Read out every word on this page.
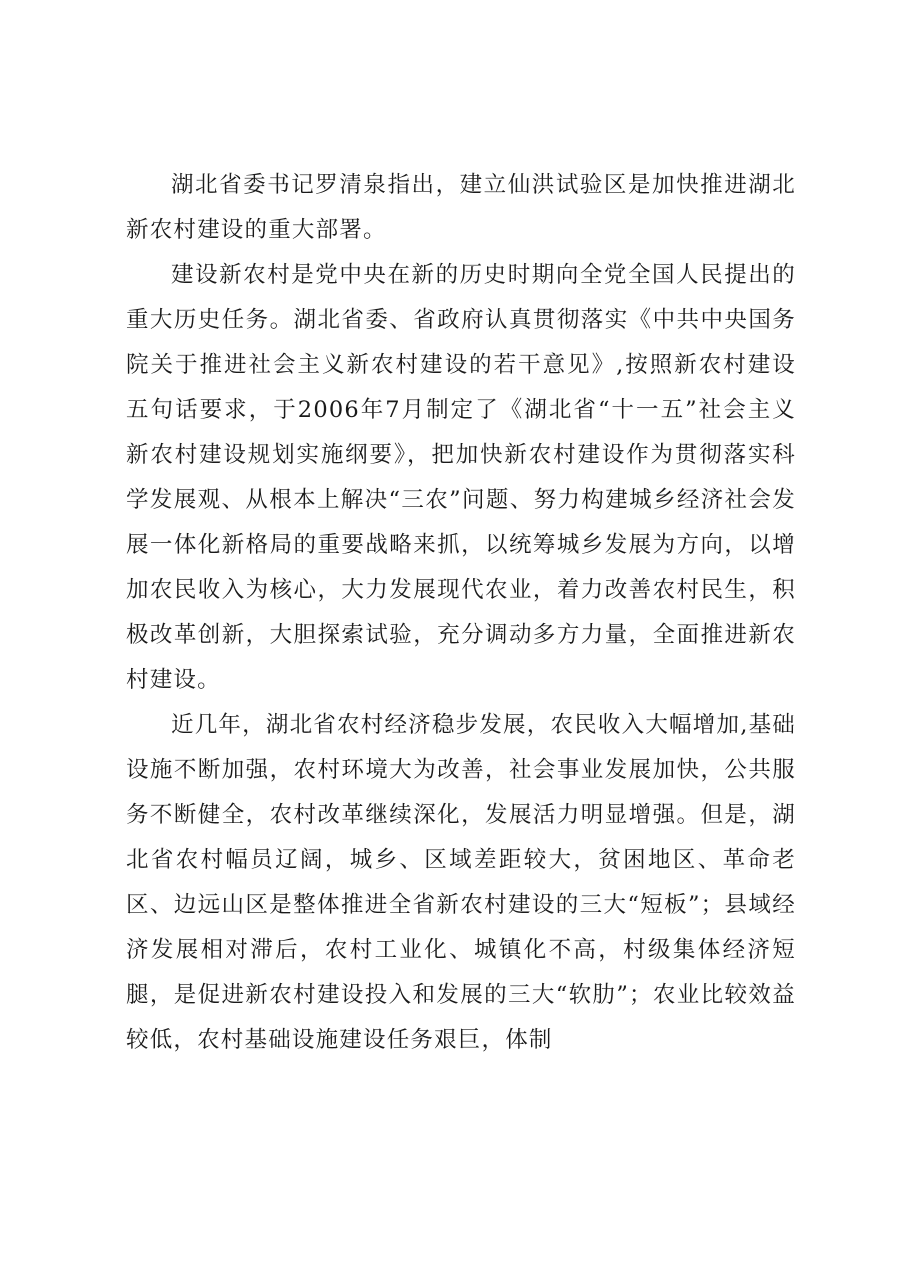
湖北省委书记罗清泉指出，建立仙洪试验区是加快推进湖北新农村建设的重大部署。

建设新农村是党中央在新的历史时期向全党全国人民提出的重大历史任务。湖北省委、省政府认真贯彻落实《中共中央国务院关于推进社会主义新农村建设的若干意见》,按照新农村建设五句话要求，于2006年7月制定了《湖北省“十一五”社会主义新农村建设规划实施纲要》，把加快新农村建设作为贯彻落实科学发展观、从根本上解决“三农”问题、努力构建城乡经济社会发展一体化新格局的重要战略来抓，以统筹城乡发展为方向，以增加农民收入为核心，大力发展现代农业，着力改善农村民生，积极改革创新，大胆探索试验，充分调动多方力量，全面推进新农村建设。

近几年，湖北省农村经济稳步发展，农民收入大幅增加,基础设施不断加强，农村环境大为改善，社会事业发展加快，公共服务不断健全，农村改革继续深化，发展活力明显增强。但是，湖北省农村幅员辽阔，城乡、区域差距较大，贫困地区、革命老区、边远山区是整体推进全省新农村建设的三大“短板”；县域经济发展相对滞后，农村工业化、城镇化不高，村级集体经济短腿，是促进新农村建设投入和发展的三大“软肋”；农业比较效益较低，农村基础设施建设任务艰巨，体制
